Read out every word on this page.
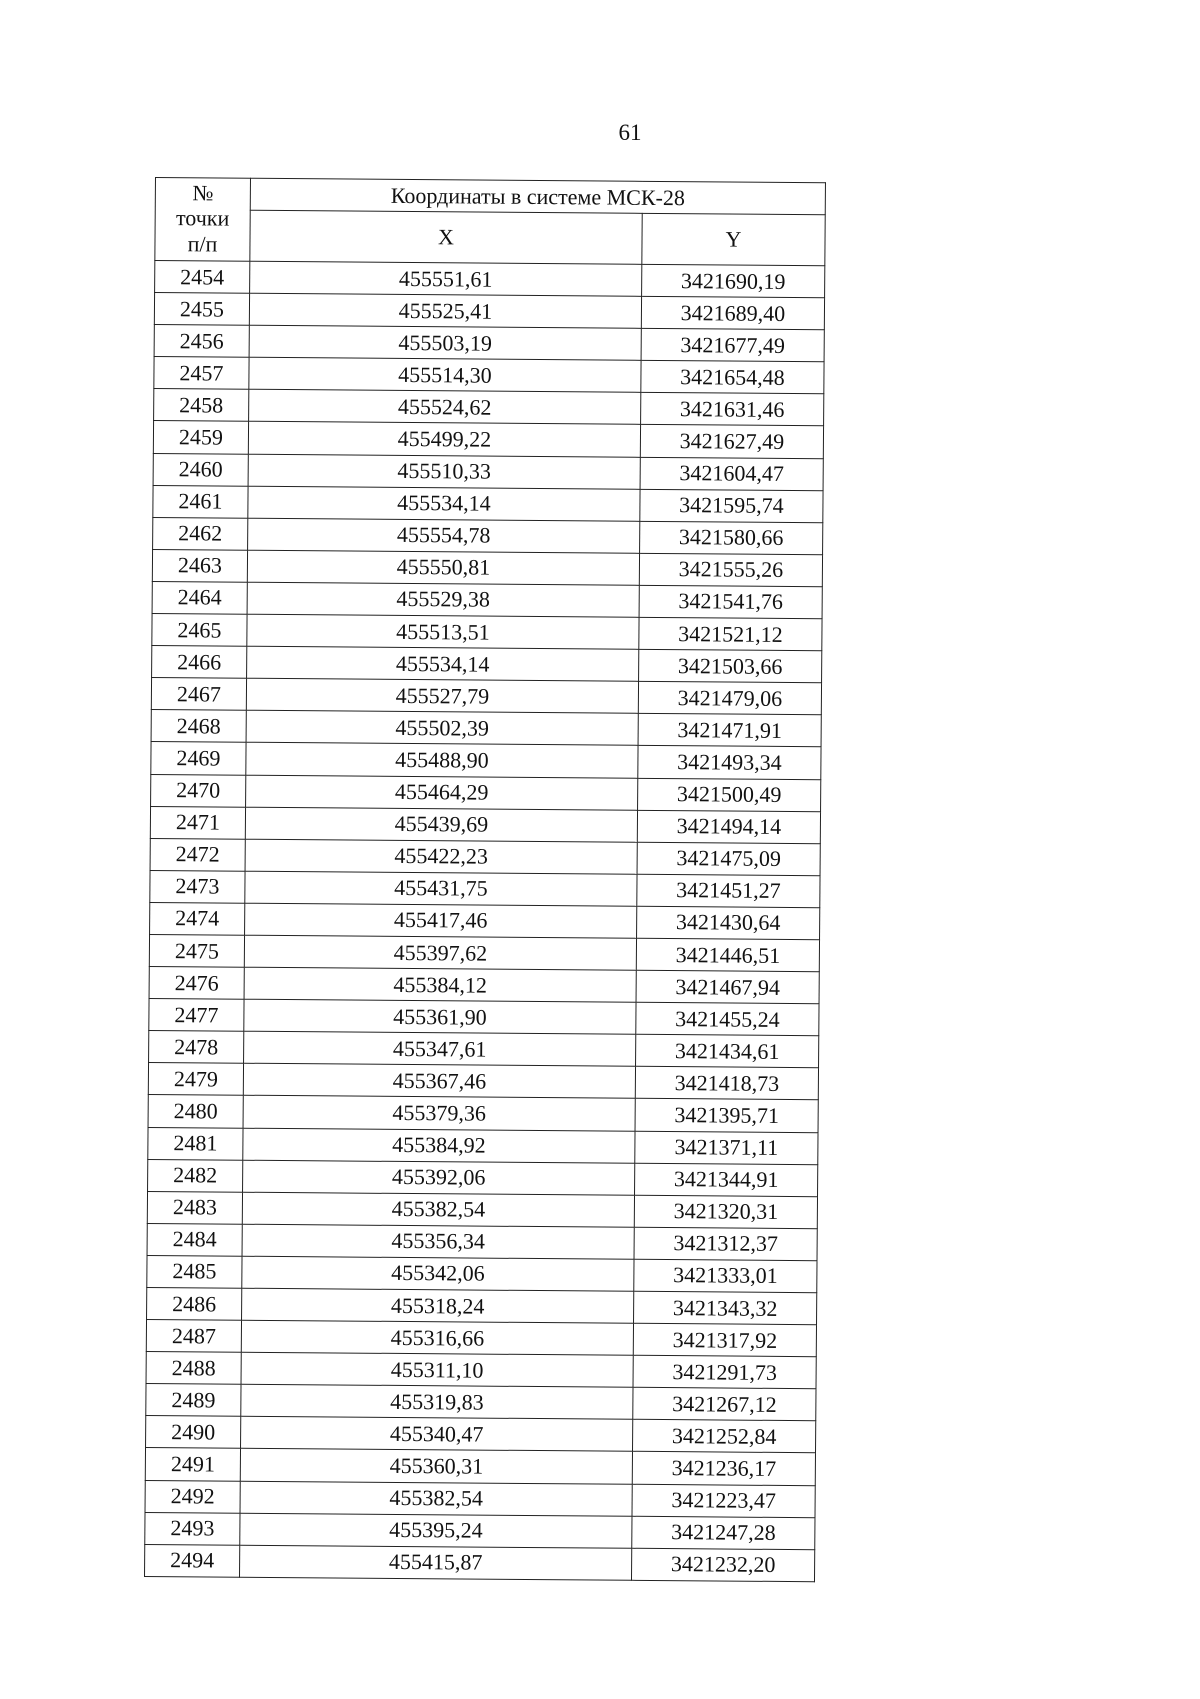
61
№
точки
п/п	Координаты в системе МСК-28	
	X	Y
2454	455551,61	3421690,19
2455	455525,41	3421689,40
2456	455503,19	3421677,49
2457	455514,30	3421654,48
2458	455524,62	3421631,46
2459	455499,22	3421627,49
2460	455510,33	3421604,47
2461	455534,14	3421595,74
2462	455554,78	3421580,66
2463	455550,81	3421555,26
2464	455529,38	3421541,76
2465	455513,51	3421521,12
2466	455534,14	3421503,66
2467	455527,79	3421479,06
2468	455502,39	3421471,91
2469	455488,90	3421493,34
2470	455464,29	3421500,49
2471	455439,69	3421494,14
2472	455422,23	3421475,09
2473	455431,75	3421451,27
2474	455417,46	3421430,64
2475	455397,62	3421446,51
2476	455384,12	3421467,94
2477	455361,90	3421455,24
2478	455347,61	3421434,61
2479	455367,46	3421418,73
2480	455379,36	3421395,71
2481	455384,92	3421371,11
2482	455392,06	3421344,91
2483	455382,54	3421320,31
2484	455356,34	3421312,37
2485	455342,06	3421333,01
2486	455318,24	3421343,32
2487	455316,66	3421317,92
2488	455311,10	3421291,73
2489	455319,83	3421267,12
2490	455340,47	3421252,84
2491	455360,31	3421236,17
2492	455382,54	3421223,47
2493	455395,24	3421247,28
2494	455415,87	3421232,20
